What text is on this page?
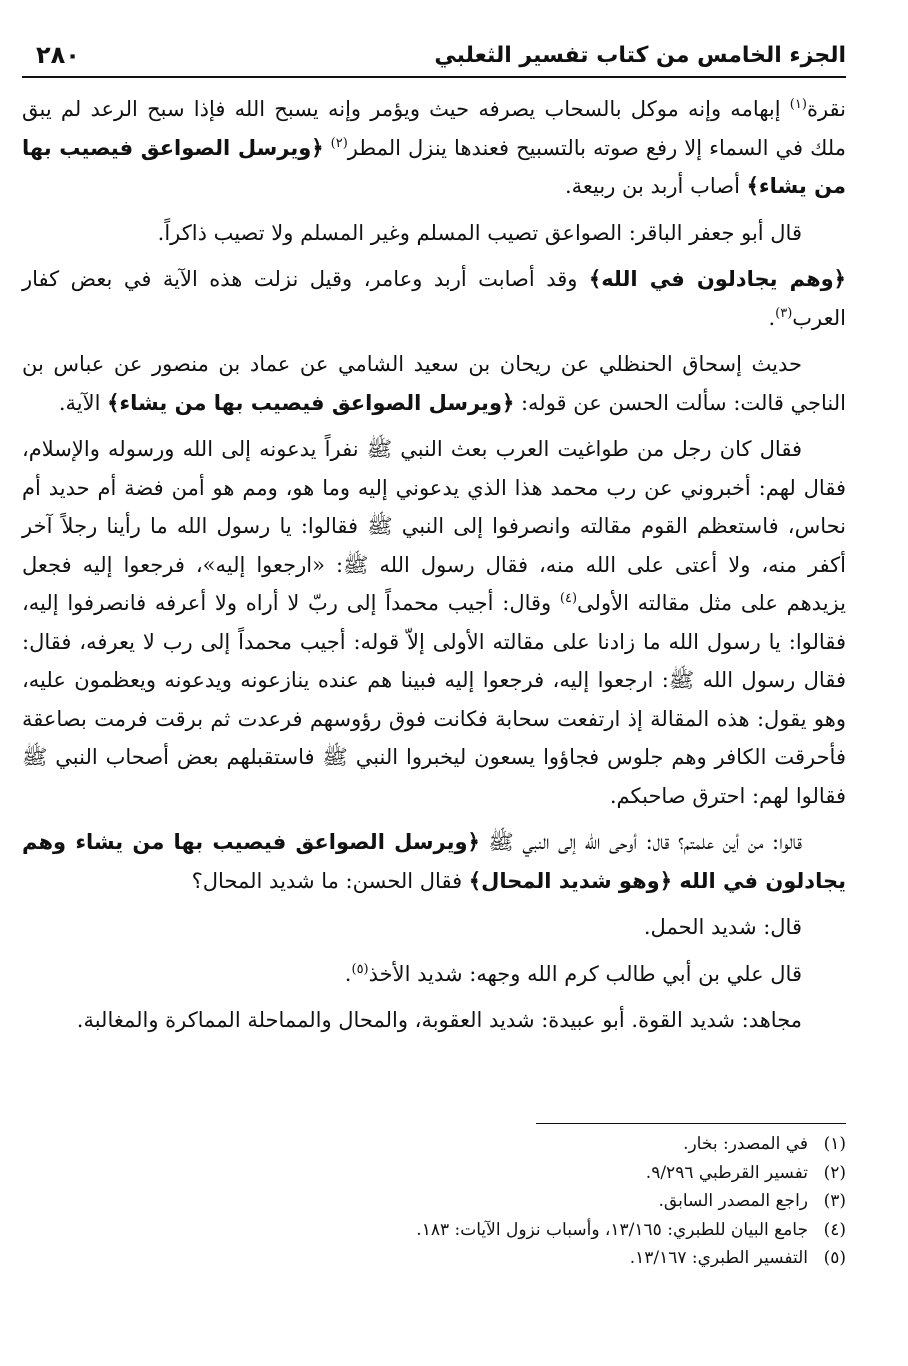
الجزء الخامس من كتاب تفسير الثعلبي
٢٨٠

نقرة$^{(١)}$ إبهامه وإنه موكل بالسحاب يصرفه حيث ويؤمر وإنه يسبح الله فإذا سبح الرعد لم يبق ملك في السماء إلا رفع صوته بالتسبيح فعندها ينزل المطر$^{(٢)}$ ﴿ويرسل الصواعق فيصيب بها من يشاء﴾ أصاب أربد بن ربيعة.

قال أبو جعفر الباقر: الصواعق تصيب المسلم وغير المسلم ولا تصيب ذاكراً.

﴿وهم يجادلون في الله﴾ وقد أصابت أربد وعامر، وقيل نزلت هذه الآية في بعض كفار العرب$^{(٣)}$.

حديث إسحاق الحنظلي عن ريحان بن سعيد الشامي عن عماد بن منصور عن عباس بن الناجي قالت: سألت الحسن عن قوله: ﴿ويرسل الصواعق فيصيب بها من يشاء﴾ الآية.

فقال كان رجل من طواغيت العرب بعث النبي ﷺ نفراً يدعونه إلى الله ورسوله والإسلام، فقال لهم: أخبروني عن رب محمد هذا الذي يدعوني إليه وما هو، ومم هو أمن فضة أم حديد أم نحاس، فاستعظم القوم مقالته وانصرفوا إلى النبي ﷺ فقالوا: يا رسول الله ما رأينا رجلاً آخر أكفر منه، ولا أعتى على الله منه، فقال رسول الله ﷺ: «ارجعوا إليه»، فرجعوا إليه فجعل يزيدهم على مثل مقالته الأولى$^{(٤)}$ وقال: أجيب محمداً إلى ربّ لا أراه ولا أعرفه فانصرفوا إليه، فقالوا: يا رسول الله ما زادنا على مقالته الأولى إلاّ قوله: أجيب محمداً إلى رب لا يعرفه، فقال: فقال رسول الله ﷺ: ارجعوا إليه، فرجعوا إليه فبينا هم عنده ينازعونه ويدعونه ويعظمون عليه، وهو يقول: هذه المقالة إذ ارتفعت سحابة فكانت فوق رؤوسهم فرعدت ثم برقت فرمت بصاعقة فأحرقت الكافر وهم جلوس فجاؤوا يسعون ليخبروا النبي ﷺ فاستقبلهم بعض أصحاب النبي ﷺ فقالوا لهم: احترق صاحبكم.

قالوا: من أين علمتم؟ قال: أوحى الله إلى النبي ﷺ ﴿ويرسل الصواعق فيصيب بها من يشاء وهم يجادلون في الله ﴿وهو شديد المحال﴾ فقال الحسن: ما شديد المحال؟

قال: شديد الحمل.

قال علي بن أبي طالب كرم الله وجهه: شديد الأخذ$^{(٥)}$.

مجاهد: شديد القوة. أبو عبيدة: شديد العقوبة، والمحال والمماحلة المماكرة والمغالبة.

(١)
في المصدر: بخار.
(٢)
تفسير القرطبي ٩/٢٩٦.
(٣)
راجع المصدر السابق.
(٤)
جامع البيان للطبري: ١٣/١٦٥، وأسباب نزول الآيات: ١٨٣.
(٥)
التفسير الطبري: ١٣/١٦٧.
